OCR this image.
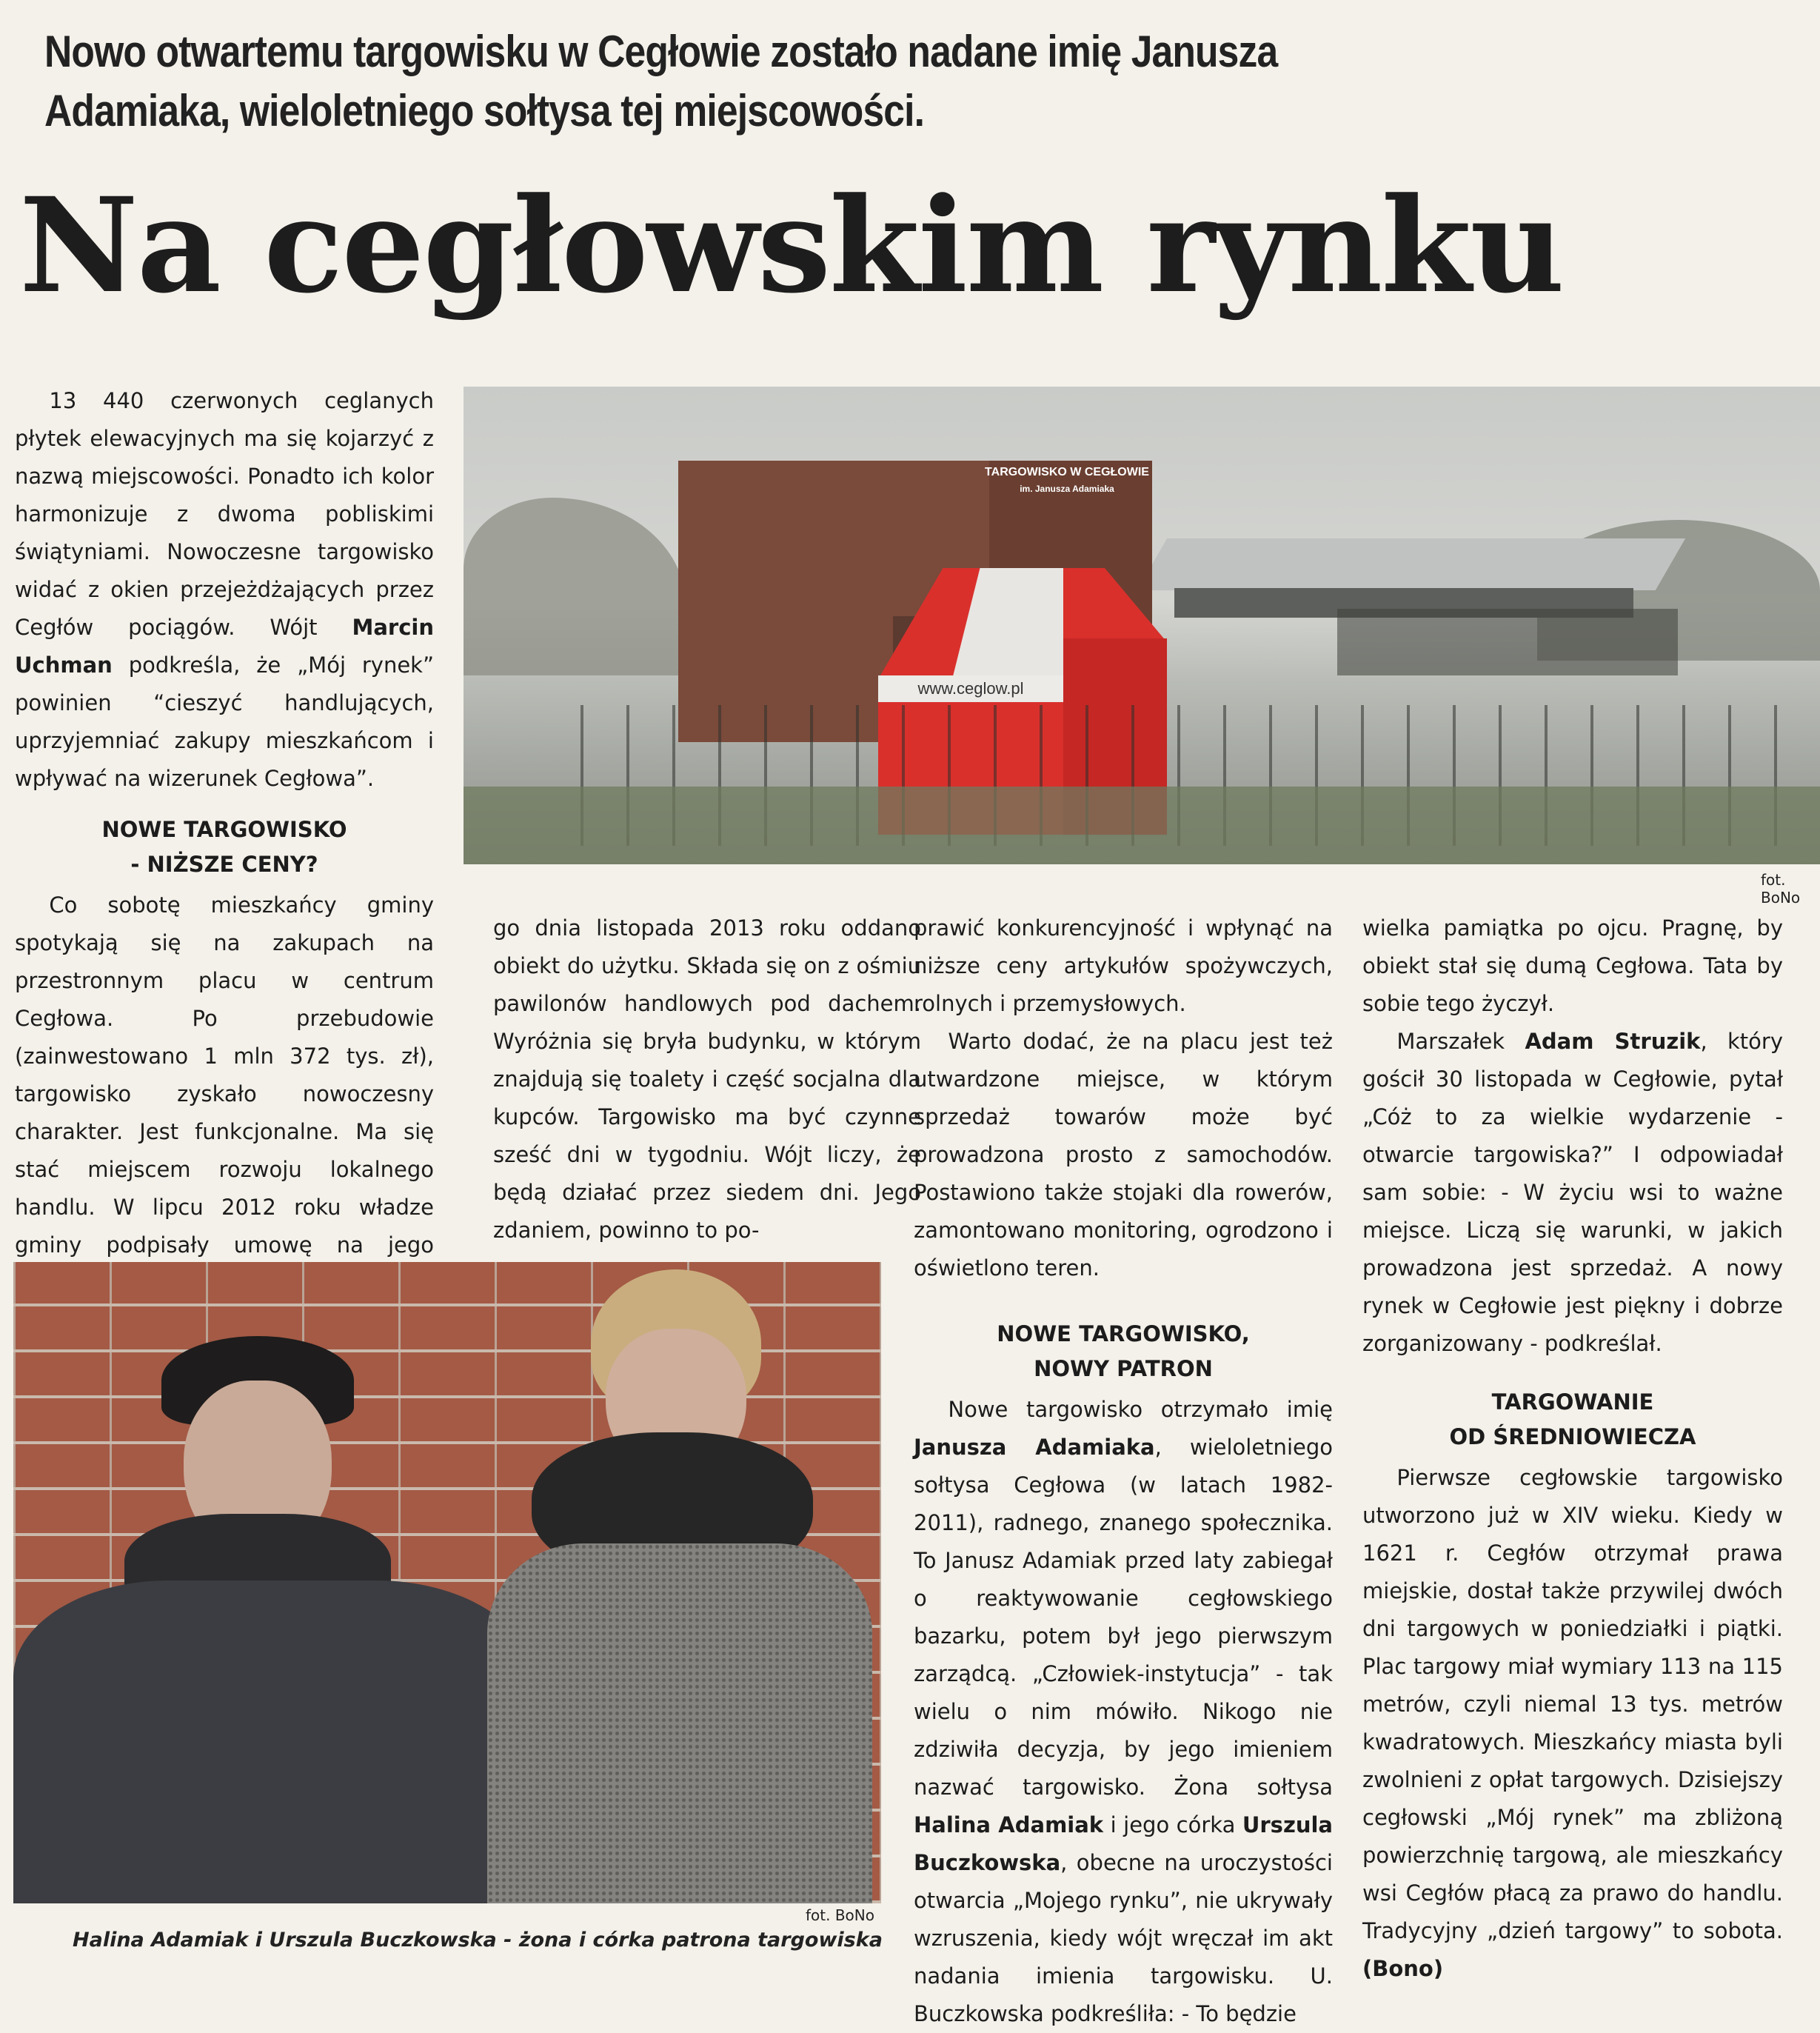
Nowo otwartemu targowisku w Cegłowie zostało nadane imię Janusza Adamiaka, wieloletniego sołtysa tej miejscowości.
Na cegłowskim rynku
TARGOWISKO W CEGŁOWIE
im. Janusza Adamiaka
www.ceglow.pl
fot. BoNo

13 440 czerwonych ceglanych płytek elewacyjnych ma się kojarzyć z nazwą miejscowości. Ponadto ich kolor harmonizuje z dwoma pobliskimi świątyniami. Nowoczesne targowisko widać z okien przejeżdżających przez Cegłów pociągów. Wójt Marcin Uchman podkreśla, że „Mój rynek” powinien “cieszyć handlujących, uprzyjemniać zakupy mieszkańcom i wpływać na wizerunek Cegłowa”.

NOWE TARGOWISKO
- NIŻSZE CENY?

Co sobotę mieszkańcy gminy spotykają się na zakupach na przestronnym placu w centrum Cegłowa. Po przebudowie (zainwestowano 1 mln 372 tys. zł), targowisko zyskało nowoczesny charakter. Jest funkcjonalne. Ma się stać miejscem rozwoju lokalnego handlu. W lipcu 2012 roku władze gminy podpisały umowę na jego

go dnia listopada 2013 roku oddano obiekt do użytku. Składa się on z ośmiu pawilonów handlowych pod dachem. Wyróżnia się bryła budynku, w którym znajdują się toalety i część socjalna dla kupców. Targowisko ma być czynne sześć dni w tygodniu. Wójt liczy, że będą działać przez siedem dni. Jego zdaniem, powinno to po-

prawić konkurencyjność i wpłynąć na niższe ceny artykułów spożywczych, rolnych i przemysłowych.

Warto dodać, że na placu jest też utwardzone miejsce, w którym sprzedaż towarów może być prowadzona prosto z samochodów. Postawiono także stojaki dla rowerów, zamontowano monitoring, ogrodzono i oświetlono teren.

NOWE TARGOWISKO,
NOWY PATRON

Nowe targowisko otrzymało imię Janusza Adamiaka, wieloletniego sołtysa Cegłowa (w latach 1982-2011), radnego, znanego społecznika. To Janusz Adamiak przed laty zabiegał o reaktywowanie cegłowskiego bazarku, potem był jego pierwszym zarządcą. „Człowiek-instytucja” - tak wielu o nim mówiło. Nikogo nie zdziwiła decyzja, by jego imieniem nazwać targowisko. Żona sołtysa Halina Adamiak i jego córka Urszula Buczkowska, obecne na uroczystości otwarcia „Mojego rynku”, nie ukrywały wzruszenia, kiedy wójt wręczał im akt nadania imienia targowisku. U. Buczkowska podkreśliła: - To będzie

wielka pamiątka po ojcu. Pragnę, by obiekt stał się dumą Cegłowa. Tata by sobie tego życzył.

Marszałek Adam Struzik, który gościł 30 listopada w Cegłowie, pytał „Cóż to za wielkie wydarzenie - otwarcie targowiska?” I odpowiadał sam sobie: - W życiu wsi to ważne miejsce. Liczą się warunki, w jakich prowadzona jest sprzedaż. A nowy rynek w Cegłowie jest piękny i dobrze zorganizowany - podkreślał.

TARGOWANIE
OD ŚREDNIOWIECZA

Pierwsze cegłowskie targowisko utworzono już w XIV wieku. Kiedy w 1621 r. Cegłów otrzymał prawa miejskie, dostał także przywilej dwóch dni targowych w poniedziałki i piątki. Plac targowy miał wymiary 113 na 115 metrów, czyli niemal 13 tys. metrów kwadratowych. Mieszkańcy miasta byli zwolnieni z opłat targowych. Dzisiejszy cegłowski „Mój rynek” ma zbliżoną powierzchnię targową, ale mieszkańcy wsi Cegłów płacą za prawo do handlu. Tradycyjny „dzień targowy” to sobota. (Bono)

fot. BoNo
Halina Adamiak i Urszula Buczkowska - żona i córka patrona targowiska
